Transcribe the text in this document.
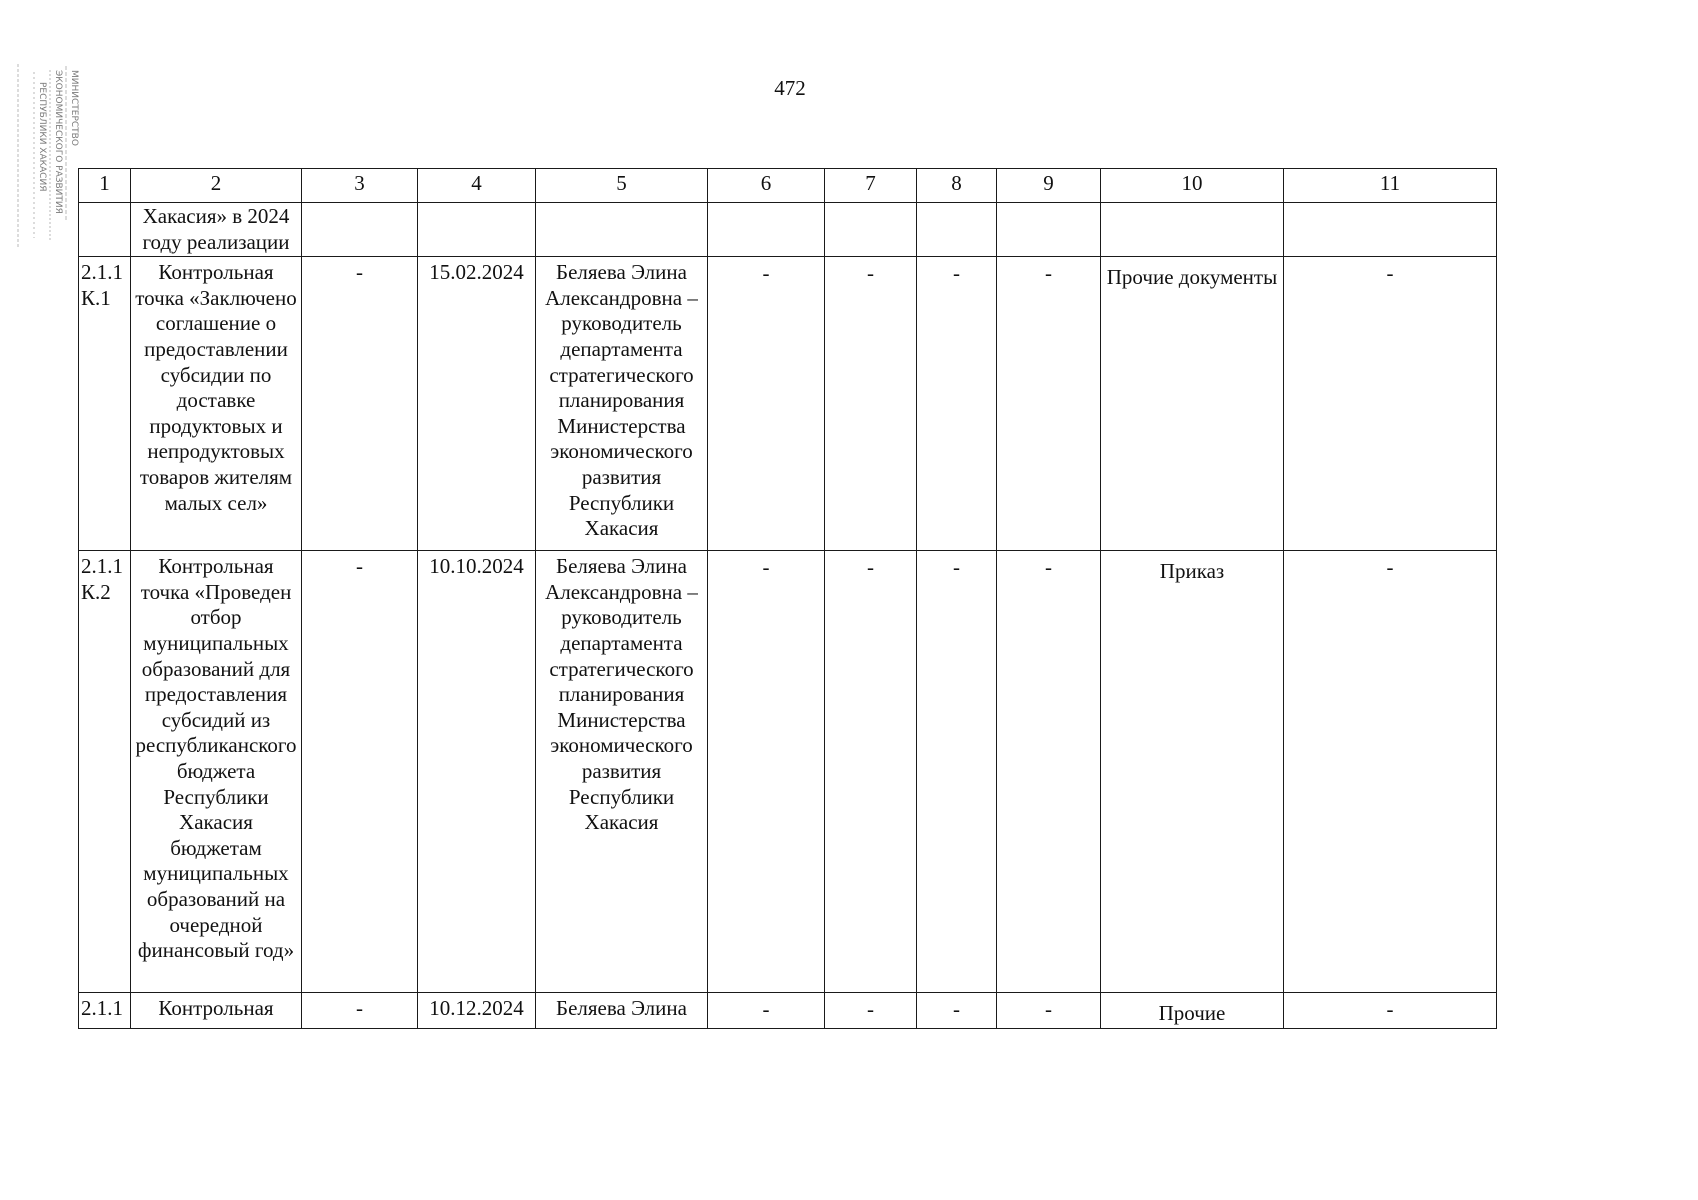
472
МИНИСТЕРСТВО
ЭКОНОМИЧЕСКОГО РАЗВИТИЯ
РЕСПУБЛИКИ ХАКАСИЯ 1	2	3	4	5	6	7	8	9	10	11
	Хакасия» в 2024 году реализации									
2.1.1 К.1	Контрольная точка «Заключено соглашение о предоставлении субсидии по доставке продуктовых и непродуктовых товаров жителям малых сел»	-	15.02.2024	Беляева Элина Александровна – руководитель департамента стратегического планирования Министерства экономического развития Республики Хакасия	-	-	-	-	Прочие документы	-
2.1.1 К.2	Контрольная точка «Проведен отбор муниципальных образований для предоставления субсидий из республиканского бюджета Республики Хакасия бюджетам муниципальных образований на очередной финансовый год»	-	10.10.2024	Беляева Элина Александровна – руководитель департамента стратегического планирования Министерства экономического развития Республики Хакасия	-	-	-	-	Приказ	-
2.1.1	Контрольная	-	10.12.2024	Беляева Элина	-	-	-	-	Прочие	-
